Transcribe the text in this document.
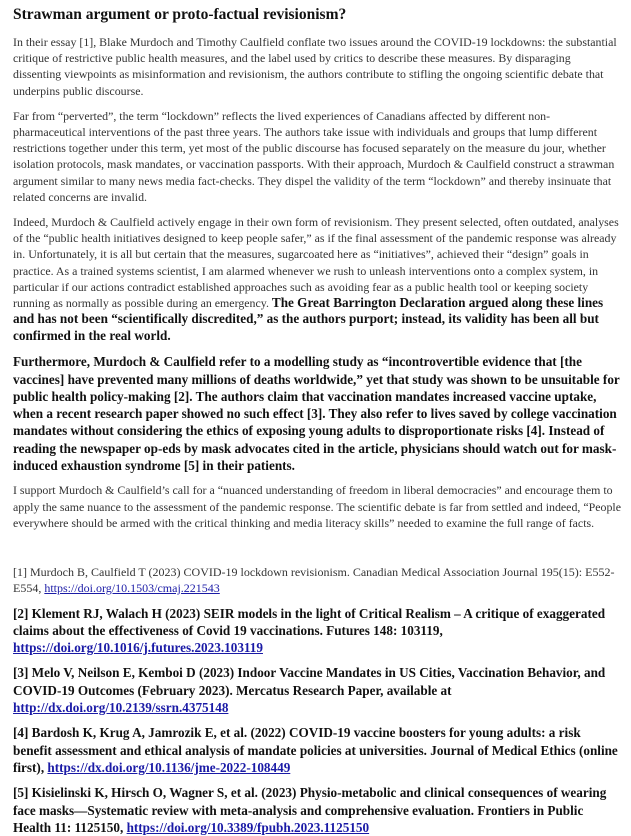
Strawman argument or proto-factual revisionism?

In their essay [1], Blake Murdoch and Timothy Caulfield conflate two issues around the COVID-19 lockdowns: the substantial critique of restrictive public health measures, and the label used by critics to describe these measures. By disparaging dissenting viewpoints as misinformation and revisionism, the authors contribute to stifling the ongoing scientific debate that underpins public discourse.

Far from “perverted”, the term “lockdown” reflects the lived experiences of Canadians affected by different non-pharmaceutical interventions of the past three years. The authors take issue with individuals and groups that lump different restrictions together under this term, yet most of the public discourse has focused separately on the measure du jour, whether isolation protocols, mask mandates, or vaccination passports. With their approach, Murdoch & Caulfield construct a strawman argument similar to many news media fact-checks. They dispel the validity of the term “lockdown” and thereby insinuate that related concerns are invalid.

Indeed, Murdoch & Caulfield actively engage in their own form of revisionism. They present selected, often outdated, analyses of the “public health initiatives designed to keep people safer,” as if the final assessment of the pandemic response was already in. Unfortunately, it is all but certain that the measures, sugarcoated here as “initiatives”, achieved their “design” goals in practice. As a trained systems scientist, I am alarmed whenever we rush to unleash interventions onto a complex system, in particular if our actions contradict established approaches such as avoiding fear as a public health tool or keeping society running as normally as possible during an emergency. The Great Barrington Declaration argued along these lines and has not been “scientifically discredited,” as the authors purport; instead, its validity has been all but confirmed in the real world.

Furthermore, Murdoch & Caulfield refer to a modelling study as “incontrovertible evidence that [the vaccines] have prevented many millions of deaths worldwide,” yet that study was shown to be unsuitable for public health policy-making [2]. The authors claim that vaccination mandates increased vaccine uptake, when a recent research paper showed no such effect [3]. They also refer to lives saved by college vaccination mandates without considering the ethics of exposing young adults to disproportionate risks [4]. Instead of reading the newspaper op-eds by mask advocates cited in the article, physicians should watch out for mask-induced exhaustion syndrome [5] in their patients.

I support Murdoch & Caulfield’s call for a “nuanced understanding of freedom in liberal democracies” and encourage them to apply the same nuance to the assessment of the pandemic response. The scientific debate is far from settled and indeed, “People everywhere should be armed with the critical thinking and media literacy skills” needed to examine the full range of facts.

[1] Murdoch B, Caulfield T (2023) COVID-19 lockdown revisionism. Canadian Medical Association Journal 195(15): E552-E554, https://doi.org/10.1503/cmaj.221543

[2] Klement RJ, Walach H (2023) SEIR models in the light of Critical Realism – A critique of exaggerated claims about the effectiveness of Covid 19 vaccinations. Futures 148: 103119, https://doi.org/10.1016/j.futures.2023.103119

[3] Melo V, Neilson E, Kemboi D (2023) Indoor Vaccine Mandates in US Cities, Vaccination Behavior, and COVID-19 Outcomes (February 2023). Mercatus Research Paper, available at http://dx.doi.org/10.2139/ssrn.4375148

[4] Bardosh K, Krug A, Jamrozik E, et al. (2022) COVID-19 vaccine boosters for young adults: a risk benefit assessment and ethical analysis of mandate policies at universities. Journal of Medical Ethics (online first), https://dx.doi.org/10.1136/jme-2022-108449

[5] Kisielinski K, Hirsch O, Wagner S, et al. (2023) Physio-metabolic and clinical consequences of wearing face masks—Systematic review with meta-analysis and comprehensive evaluation. Frontiers in Public Health 11: 1125150, https://doi.org/10.3389/fpubh.2023.1125150
